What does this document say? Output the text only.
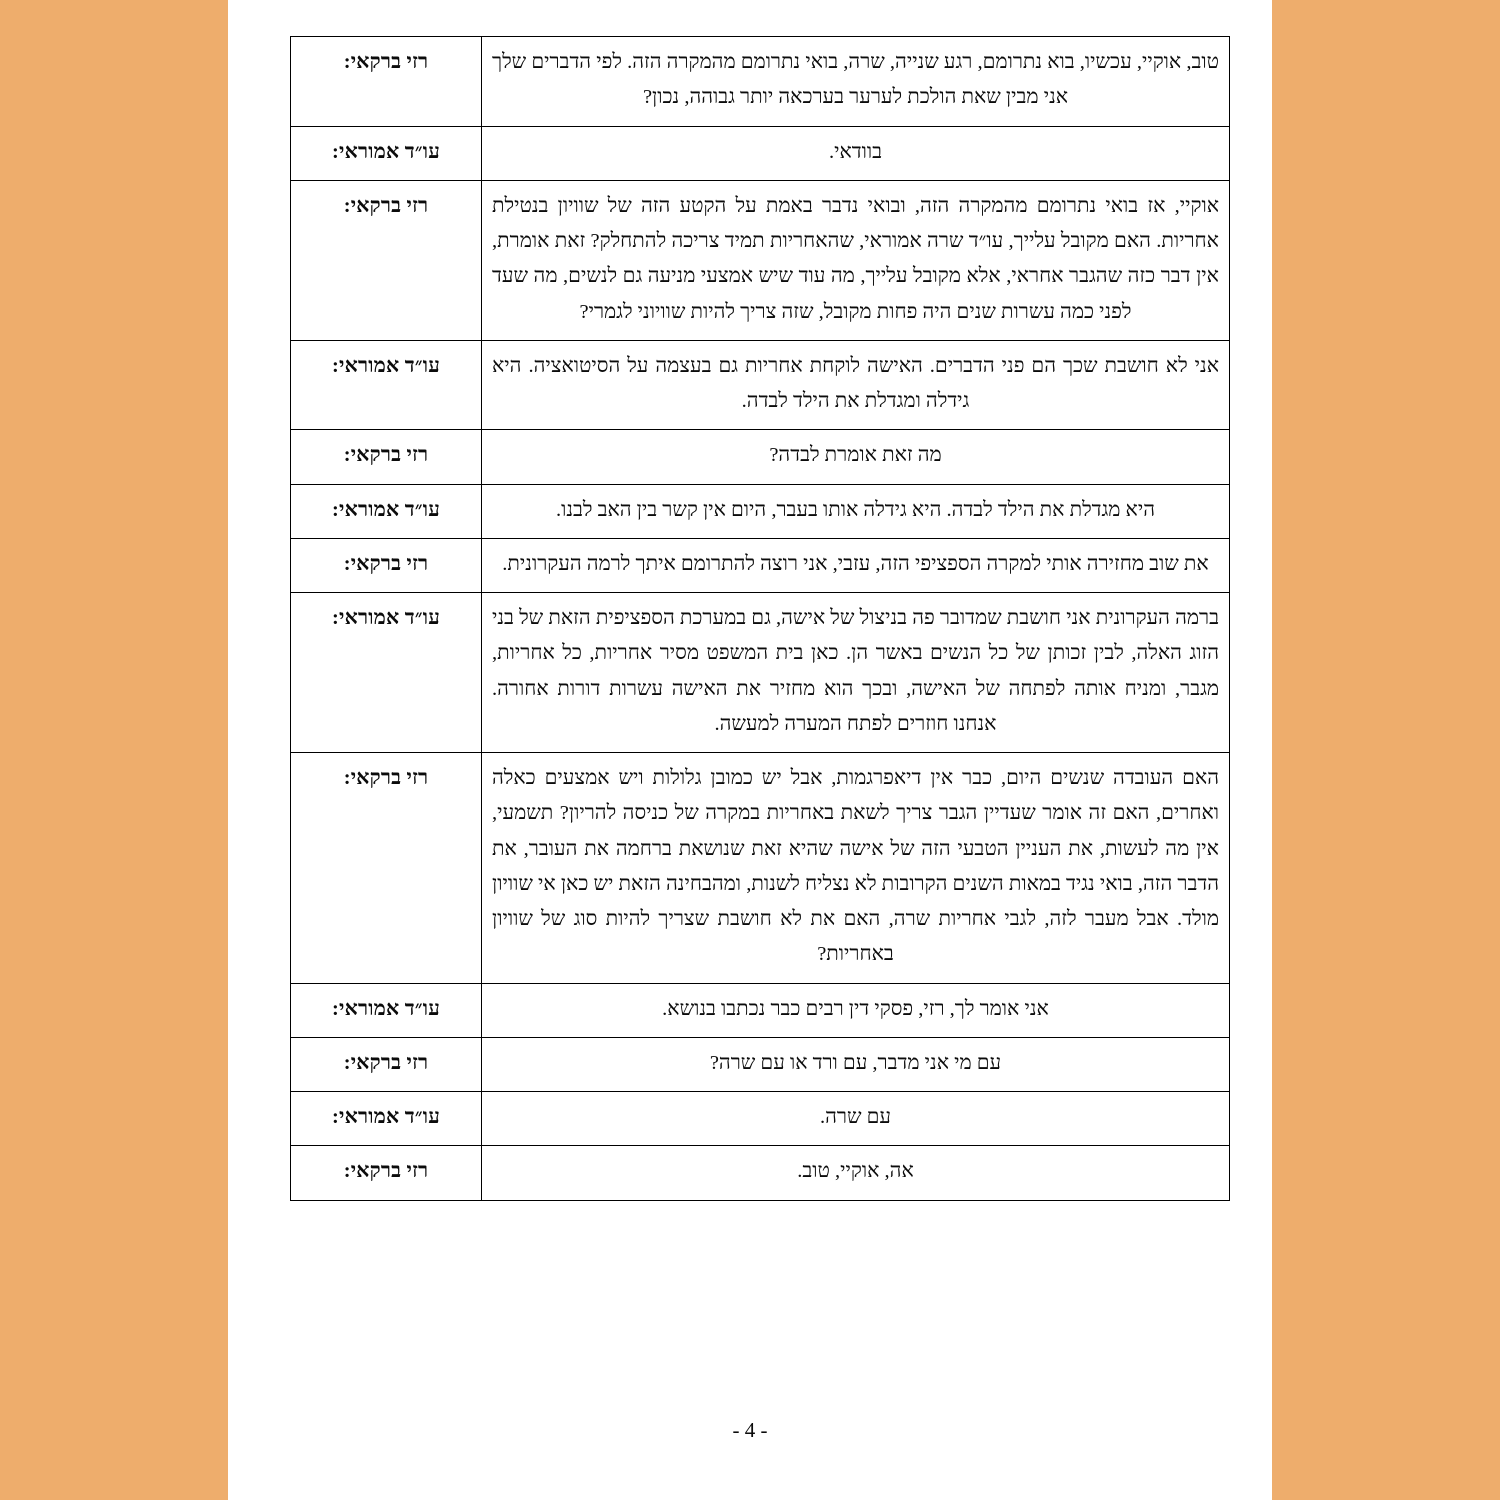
טוב, אוקיי, עכשיו, בוא נתרומם, רגע שנייה, שרה, בואי נתרומם מהמקרה הזה. לפי הדברים שלך אני מבין שאת הולכת לערער בערכאה יותר גבוהה, נכון?	רזי ברקאי:
בוודאי.	עו״ד אמוראי:
אוקיי, אז בואי נתרומם מהמקרה הזה, ובואי נדבר באמת על הקטע הזה של שוויון בנטילת אחריות. האם מקובל עלייך, עו״ד שרה אמוראי, שהאחריות תמיד צריכה להתחלק? זאת אומרת, אין דבר כזה שהגבר אחראי, אלא מקובל עלייך, מה עוד שיש אמצעי מניעה גם לנשים, מה שעד לפני כמה עשרות שנים היה פחות מקובל, שזה צריך להיות שוויוני לגמרי?	רזי ברקאי:
אני לא חושבת שכך הם פני הדברים. האישה לוקחת אחריות גם בעצמה על הסיטואציה. היא גידלה ומגדלת את הילד לבדה.	עו״ד אמוראי:
מה זאת אומרת לבדה?	רזי ברקאי:
היא מגדלת את הילד לבדה. היא גידלה אותו בעבר, היום אין קשר בין האב לבנו.	עו״ד אמוראי:
את שוב מחזירה אותי למקרה הספציפי הזה, עזבי, אני רוצה להתרומם איתך לרמה העקרונית.	רזי ברקאי:
ברמה העקרונית אני חושבת שמדובר פה בניצול של אישה, גם במערכת הספציפית הזאת של בני הזוג האלה, לבין זכותן של כל הנשים באשר הן. כאן בית המשפט מסיר אחריות, כל אחריות, מגבר, ומניח אותה לפתחה של האישה, ובכך הוא מחזיר את האישה עשרות דורות אחורה. אנחנו חוזרים לפתח המערה למעשה.	עו״ד אמוראי:
האם העובדה שנשים היום, כבר אין דיאפרגמות, אבל יש כמובן גלולות ויש אמצעים כאלה ואחרים, האם זה אומר שעדיין הגבר צריך לשאת באחריות במקרה של כניסה להריון? תשמעי, אין מה לעשות, את העניין הטבעי הזה של אישה שהיא זאת שנושאת ברחמה את העובר, את הדבר הזה, בואי נגיד במאות השנים הקרובות לא נצליח לשנות, ומהבחינה הזאת יש כאן אי שוויון מולד. אבל מעבר לזה, לגבי אחריות שרה, האם את לא חושבת שצריך להיות סוג של שוויון באחריות?	רזי ברקאי:
אני אומר לך, רזי, פסקי דין רבים כבר נכתבו בנושא.	עו״ד אמוראי:
עם מי אני מדבר, עם ורד או עם שרה?	רזי ברקאי:
עם שרה.	עו״ד אמוראי:
אה, אוקיי, טוב.	רזי ברקאי:
- 4 -
